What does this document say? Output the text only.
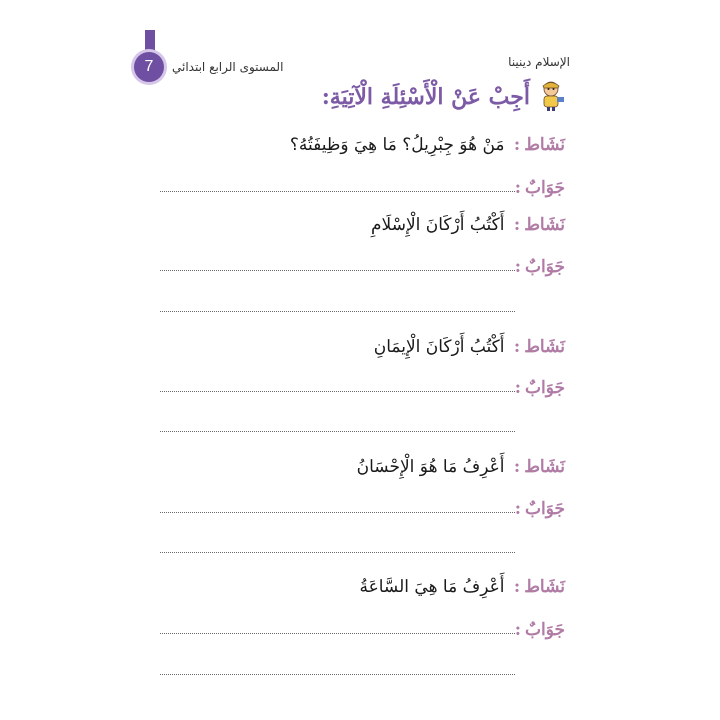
7	المستوى الرابع ابتدائي	الإسلام دينينا
أَجِبْ عَنْ الْأَسْئِلَةِ الْآتِيَةِ:
نَشَاط: مَنْ هُوَ جِبْرِيلُ؟ مَا هِيَ وَظِيفَتُهُ؟
جَوَابٌ:
نَشَاط: أَكْتُبُ أَرْكَانَ الْإِسْلَامِ
جَوَابٌ:
نَشَاط: أَكْتُبُ أَرْكَانَ الْإِيمَانِ
جَوَابٌ:
نَشَاط: أَعْرِفُ مَا هُوَ الْإِحْسَانُ
جَوَابٌ:
نَشَاط: أَعْرِفُ مَا هِيَ السَّاعَةُ
جَوَابٌ:
